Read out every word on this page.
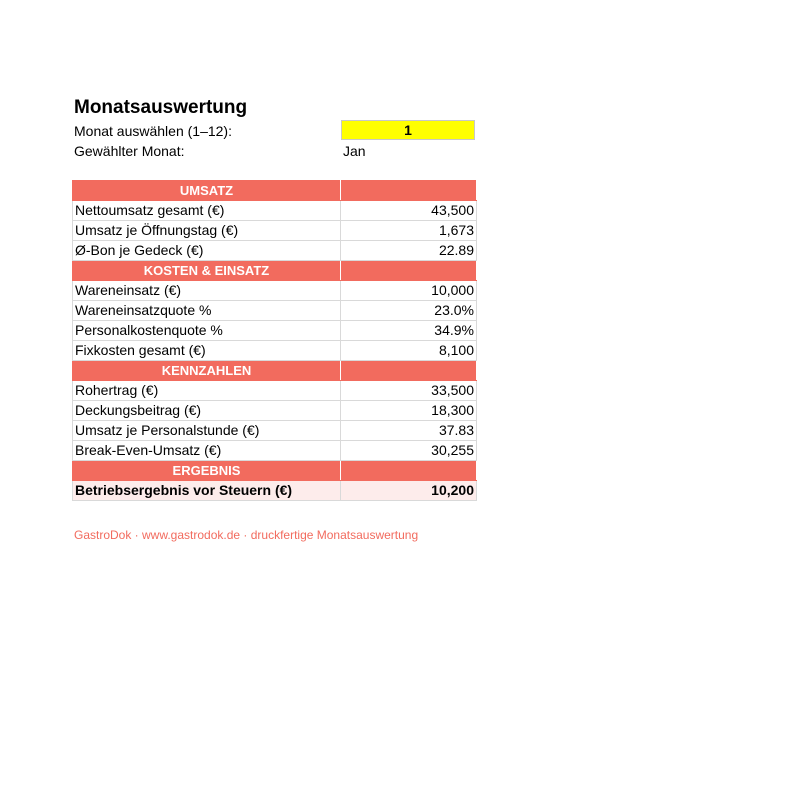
Monatsauswertung
Monat auswählen (1–12):
1
Gewählter Monat:	Jan
UMSATZ	
Nettoumsatz gesamt (€)	43,500
Umsatz je Öffnungstag (€)	1,673
Ø-Bon je Gedeck (€)	22.89
KOSTEN & EINSATZ	
Wareneinsatz (€)	10,000
Wareneinsatzquote %	23.0%
Personalkostenquote %	34.9%
Fixkosten gesamt (€)	8,100
KENNZAHLEN	
Rohertrag (€)	33,500
Deckungsbeitrag (€)	18,300
Umsatz je Personalstunde (€)	37.83
Break-Even-Umsatz (€)	30,255
ERGEBNIS	
Betriebsergebnis vor Steuern (€)	10,200
GastroDok · www.gastrodok.de · druckfertige Monatsauswertung
